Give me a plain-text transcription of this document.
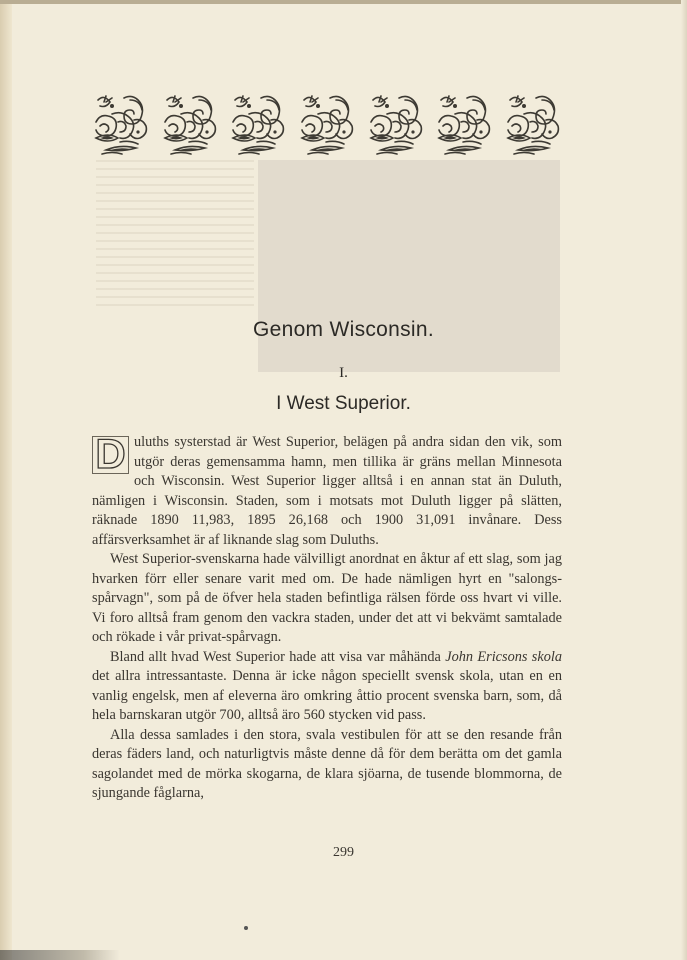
Genom Wisconsin.
I.
I West Superior.

D uluths systerstad är West Superior, belägen på andra sidan den vik, som utgör deras gemensamma hamn, men tillika är gräns mellan Minnesota och Wisconsin. West Superior ligger alltså i en annan stat än Duluth, nämligen i Wisconsin. Staden, som i motsats mot Duluth ligger på slätten, räknade 1890 11,983, 1895 26,168 och 1900 31,091 invånare. Dess affärsverksamhet är af liknande slag som Duluths.

West Superior-svenskarna hade välvilligt anordnat en åktur af ett slag, som jag hvarken förr eller senare varit med om. De hade nämligen hyrt en "salongs-spårvagn", som på de öfver hela staden befintliga rälsen förde oss hvart vi ville. Vi foro alltså fram genom den vackra staden, under det att vi bekvämt samtalade och rökade i vår privat-spårvagn.

Bland allt hvad West Superior hade att visa var måhända John Ericsons skola det allra intressantaste. Denna är icke någon speciellt svensk skola, utan en en vanlig engelsk, men af eleverna äro omkring åttio procent svenska barn, som, då hela barnskaran utgör 700, alltså äro 560 stycken vid pass.

Alla dessa samlades i den stora, svala vestibulen för att se den resande från deras fäders land, och naturligtvis måste denne då för dem berätta om det gamla sagolandet med de mörka skogarna, de klara sjöarna, de tusende blommorna, de sjungande fåglarna,

299
